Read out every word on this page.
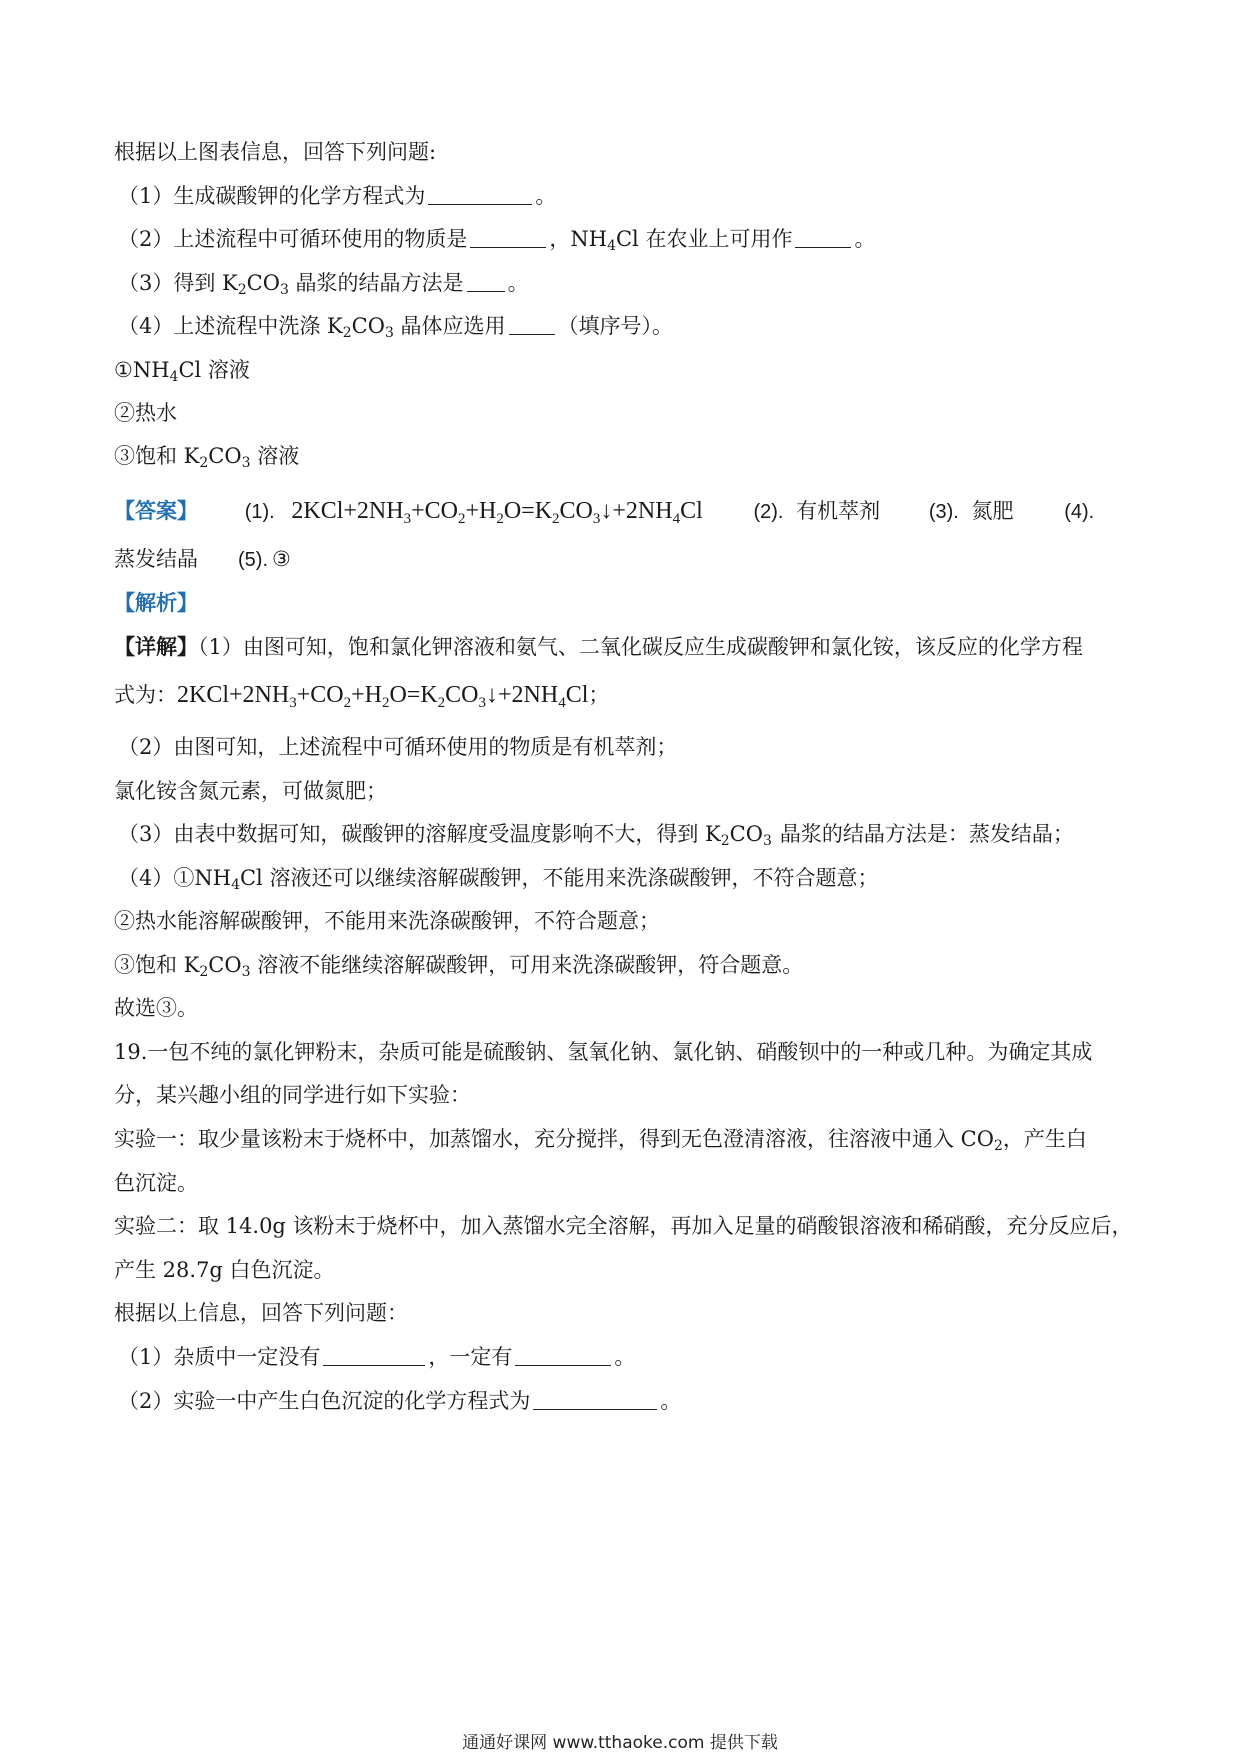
根据以上图表信息，回答下列问题:
（1）生成碳酸钾的化学方程式为	。
（2）上述流程中可循环使用的物质是	，$NH_4Cl$ 在农业上可用作	。
（3）得到 $K_2CO_3$ 晶浆的结晶方法是 。
（4）上述流程中洗涤 $K_2CO_3$ 晶体应选用 （填序号）。
$①NH_4Cl$ 溶液
②热水
③饱和 $K_2CO_3$ 溶液
【答案】 (1). $2KCl+2NH_3+CO_2+H_2O=K_2CO_3↓+2NH_4Cl$	(2). 有机萃剂 (3). 氮肥	(4).
蒸发结晶 (5). ③
【解析】
【详解】（1）由图可知，饱和氯化钾溶液和氨气、二氧化碳反应生成碳酸钾和氯化铵，该反应的化学方程
式为：$2KCl+2NH_3+CO_2+H_2O=K_2CO_3↓+2NH_4Cl$；
（2）由图可知，上述流程中可循环使用的物质是有机萃剂；
氯化铵含氮元素，可做氮肥；
（3）由表中数据可知，碳酸钾的溶解度受温度影响不大，得到 $K_2CO_3$ 晶浆的结晶方法是：蒸发结晶；
$(4)①NH_4Cl$ 溶液还可以继续溶解碳酸钾，不能用来洗涤碳酸钾，不符合题意；
②热水能溶解碳酸钾，不能用来洗涤碳酸钾，不符合题意；
③饱和 $K_2CO_3$ 溶液不能继续溶解碳酸钾，可用来洗涤碳酸钾，符合题意。
故选③。
19.一包不纯的氯化钾粉末，杂质可能是硫酸钠、氢氧化钠、氯化钠、硝酸钡中的一种或几种。为确定其成
分，某兴趣小组的同学进行如下实验：
实验一：取少量该粉末于烧杯中，加蒸馏水，充分搅拌，得到无色澄清溶液，往溶液中通入 $CO_2$，产生白
色沉淀。
实验二：取 14.0g 该粉末于烧杯中，加入蒸馏水完全溶解，再加入足量的硝酸银溶液和稀硝酸，充分反应后，
产生 28.7g 白色沉淀。
根据以上信息，回答下列问题：
（1）杂质中一定没有	，一定有	。
（2）实验一中产生白色沉淀的化学方程式为	。
通通好课网 www.tthaoke.com 提供下载
